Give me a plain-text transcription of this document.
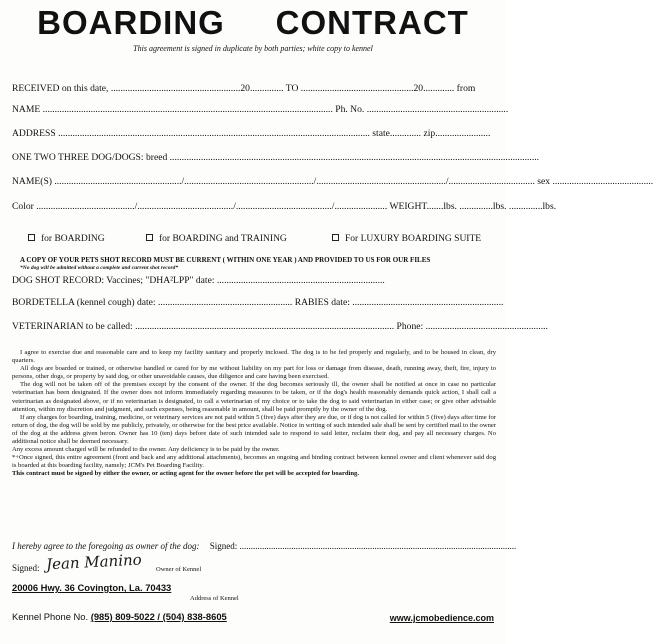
BOARDING     CONTRACT
This agreement is signed in duplicate by both parties; white copy to kennel
RECEIVED on this date, ......................................................20.............. TO ...............................................20............. from
NAME ......................................................................................................................... Ph. No. ...........................................................
ADDRESS .................................................................................................................................. state............. zip.......................
ONE TWO THREE DOG/DOGS: breed ..........................................................................................................................................................
NAME(S) ...................................................../....................................................../....................................................../.................................... sex ..........................................
Color ........................................./......................................../......................................../...................... WEIGHT.......lbs. ..............lbs. ..............lbs.
for BOARDING	for BOARDING and TRAINING	For LUXURY BOARDING SUITE
A COPY OF YOUR PETS SHOT RECORD MUST BE CURRENT ( WITHIN ONE YEAR ) AND PROVIDED TO US FOR OUR FILES
*No dog will be admitted without a complete and current shot record*
DOG SHOT RECORD: Vaccines; "DHA²LPP" date: ......................................................................
BORDETELLA (kennel cough) date: ........................................................ RABIES date: ...............................................................
VETERINARIAN to be called: ............................................................................................................ Phone: ...................................................

I agree to exercise due and reasonable care and to keep my facility sanitary and properly inclosed. The dog is to be fed properly and regularly, and to be housed in clean, dry quarters.

All dogs are boarded or trained, or otherwise handled or cared for by me without liability on my part for loss or damage from disease, death, running away, theft, fire, injury to persons, other dogs, or property by said dog, or other unavoidable causes, due diligence and care having been exercised.

The dog will not be taken off of the premises except by the consent of the owner. If the dog becomes seriously ill, the owner shall be notified at once in case no particular veterinarian has been designated. If the owner does not inform immediately regarding measures to be taken, or if the dog's health reasonably demands quick action, I shall call a veterinarian as designated above, or if no veterinarian is designated, to call a veterinarian of my choice or to take the dog to said veterinarian in either case; or give other advisable attention, within my discretion and judgment, and such expenses, being reasonable in amount, shall be paid promptly by the owner of the dog.

If any charges for boarding, training, medicine, or veterinary services are not paid within 5 (five) days after they are due, or if dog is not called for within 5 (five) days after time for return of dog, the dog will be sold by me publicly, privately, or otherwise for the best price available. Notice in writing of such intended sale shall be sent by certified mail to the owner of the dog at the address given heron. Owner has 10 (ten) days before date of such intended sale to respond to said letter, reclaim their dog, and pay all necessary charges. No additional notice shall be deemed necessary.

Any excess amount charged will be refunded to the owner. Any deficiency is to be paid by the owner.

*+Once signed, this entire agreement (front and back and any additional attachments), becomes an ongoing and binding contract between kennel owner and client whenever said dog is boarded at this boarding facility, namely; JCM's Pet Boarding Facility.

This contract must be signed by either the owner, or acting agent for the owner before the pet will be accepted for boarding.

I hereby agree to the foregoing as owner of the dog: Signed: ...........................................................................................................................
Signed: Jean Manino Owner of Kennel
20006 Hwy. 36 Covington, La. 70433
Address of Kennel
Kennel Phone No. (985) 809-5022 / (504) 838-8605	www.jcmobedience.com
